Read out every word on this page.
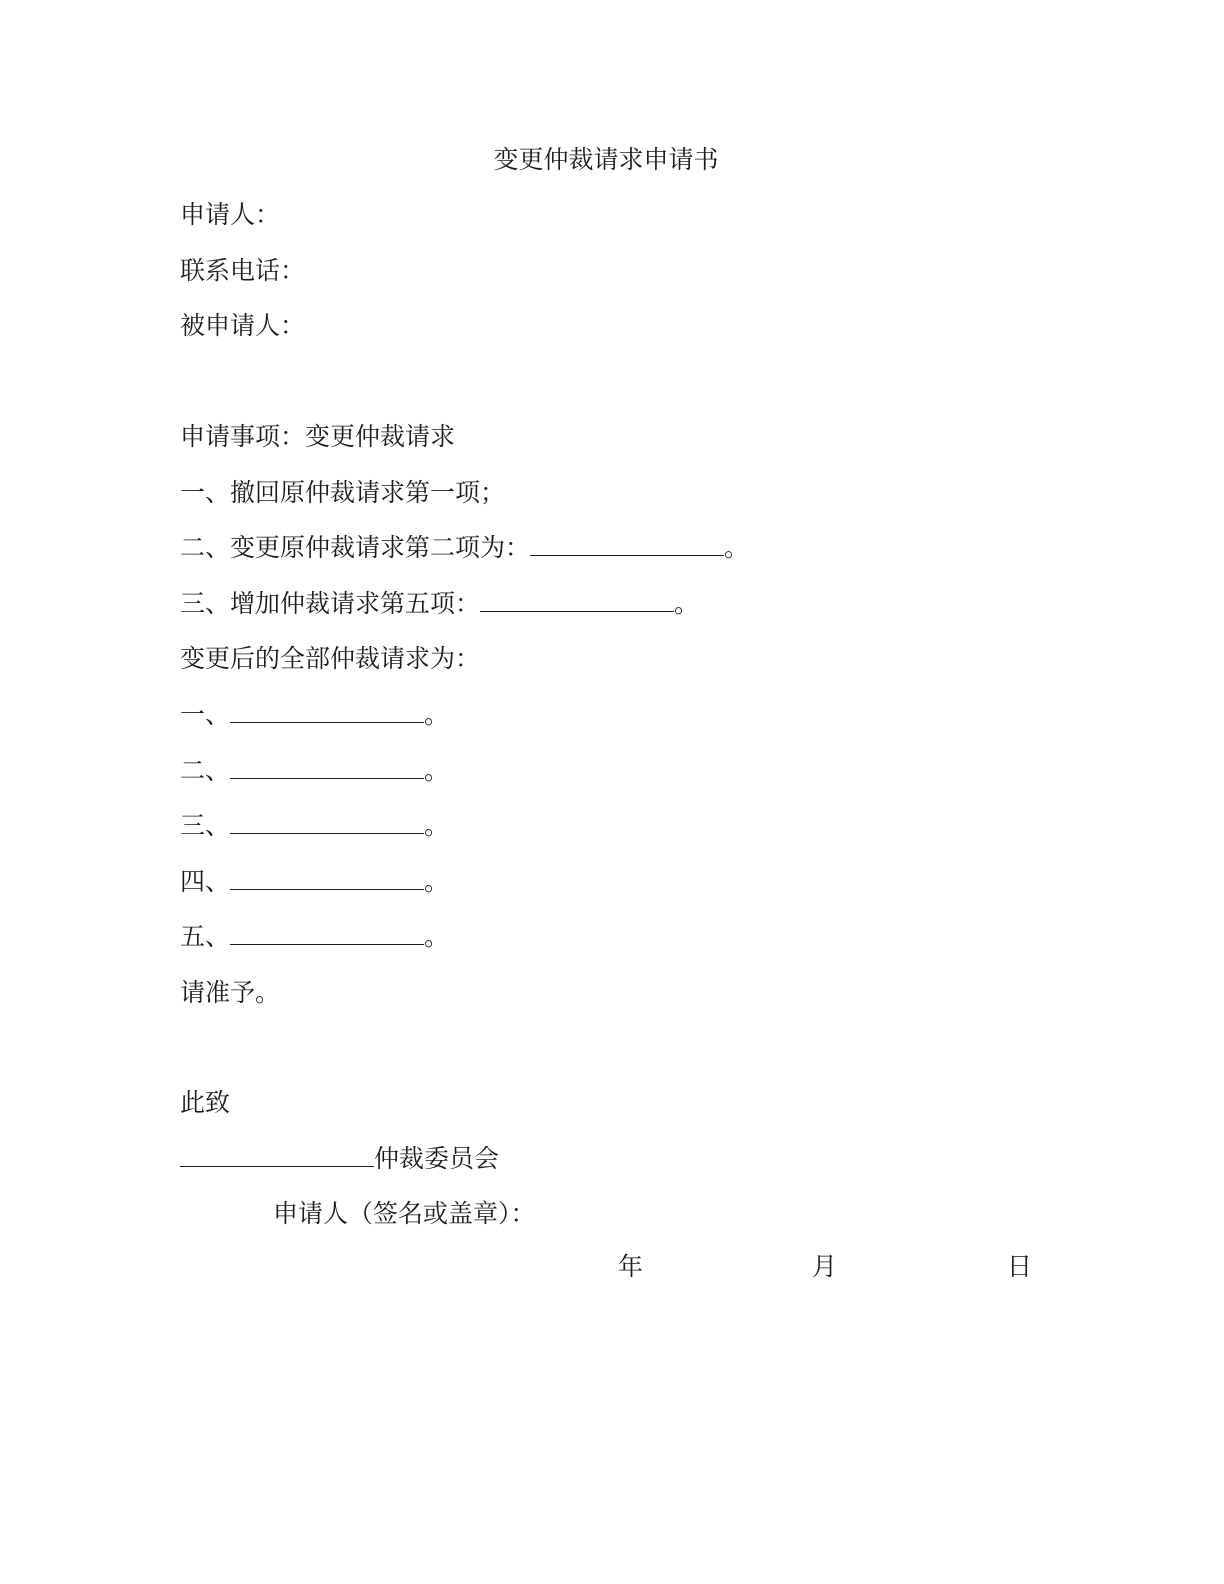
变更仲裁请求申请书

申请人：

联系电话：

被申请人：

申请事项：变更仲裁请求

一、撤回原仲裁请求第一项；

二、变更原仲裁请求第二项为：	。

三、增加仲裁请求第五项：	。

变更后的全部仲裁请求为：

一、	。

二、	。

三、	。

四、	。

五、	。

请准予。

此致

仲裁委员会

申请人（签名或盖章）：

年	月	日
